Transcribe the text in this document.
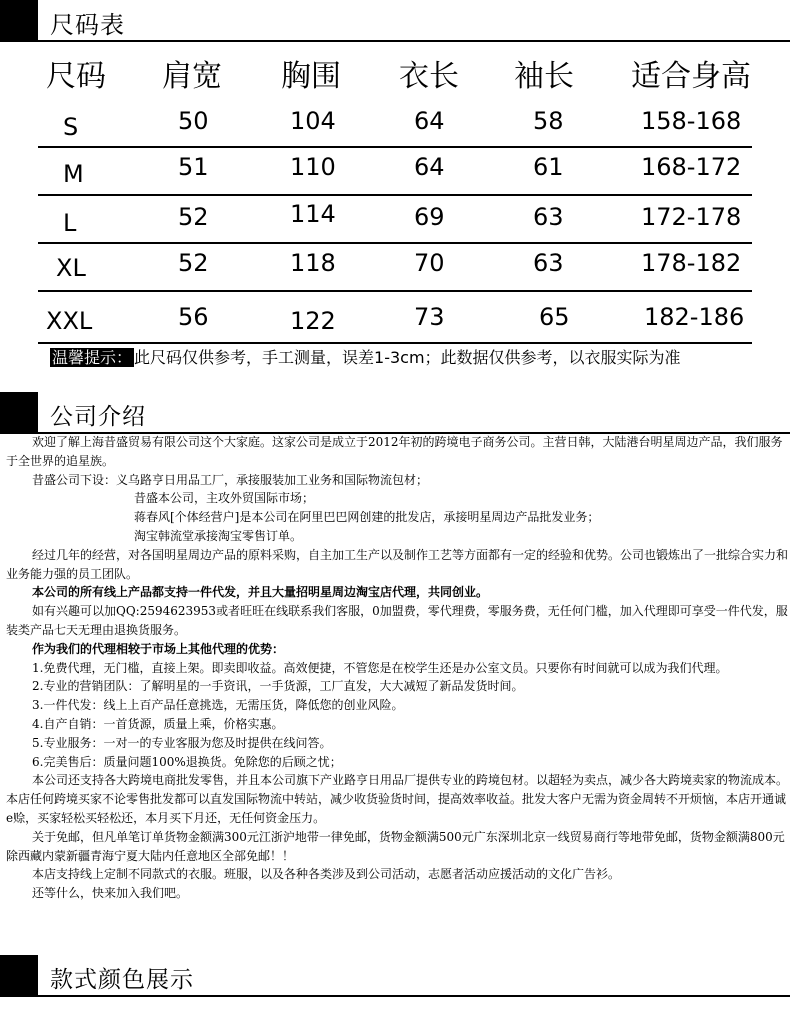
尺码表
尺码 肩宽 胸围 衣长 袖长 适合身高
S	50	104	64	58	158-168
M	51	110	64	61	168-172
L	52	114	69	63	172-178
XL	52	118	70	63	178-182
XXL	56	122	73	65	182-186
温馨提示： 此尺码仅供参考，手工测量，误差1-3cm；此数据仅供参考，以衣服实际为准
公司介绍

欢迎了解上海昔盛贸易有限公司这个大家庭。这家公司是成立于2012年初的跨境电子商务公司。主营日韩，大陆港台明星周边产品，我们服务于全世界的追星族。

昔盛公司下设：义乌路亨日用品工厂，承接服装加工业务和国际物流包材；

昔盛本公司，主攻外贸国际市场；

蒋春风[个体经营户]是本公司在阿里巴巴网创建的批发店，承接明星周边产品批发业务；

淘宝韩流堂承接淘宝零售订单。

经过几年的经营，对各国明星周边产品的原料采购，自主加工生产以及制作工艺等方面都有一定的经验和优势。公司也锻炼出了一批综合实力和业务能力强的员工团队。

本公司的所有线上产品都支持一件代发，并且大量招明星周边淘宝店代理，共同创业。

如有兴趣可以加QQ:2594623953或者旺旺在线联系我们客服，0加盟费，零代理费，零服务费，无任何门槛，加入代理即可享受一件代发，服装类产品七天无理由退换货服务。

作为我们的代理相较于市场上其他代理的优势：

1.免费代理，无门槛，直接上架。即卖即收益。高效便捷，不管您是在校学生还是办公室文员。只要你有时间就可以成为我们代理。

2.专业的营销团队：了解明星的一手资讯，一手货源，工厂直发，大大减短了新品发货时间。

3.一件代发：线上上百产品任意挑选，无需压货，降低您的创业风险。

4.自产自销：一首货源，质量上乘，价格实惠。

5.专业服务：一对一的专业客服为您及时提供在线问答。

6.完美售后：质量问题100%退换货。免除您的后顾之忧；

本公司还支持各大跨境电商批发零售，并且本公司旗下产业路亨日用品厂提供专业的跨境包材。以超轻为卖点，减少各大跨境卖家的物流成本。本店任何跨境买家不论零售批发都可以直发国际物流中转站，减少收货验货时间，提高效率收益。批发大客户无需为资金周转不开烦恼，本店开通诚e赊，买家轻松买轻松还，本月买下月还，无任何资金压力。

关于免邮，但凡单笔订单货物金额满300元江浙沪地带一律免邮，货物金额满500元广东深圳北京一线贸易商行等地带免邮，货物金额满800元除西藏内蒙新疆青海宁夏大陆内任意地区全部免邮！！

本店支持线上定制不同款式的衣服。班服，以及各种各类涉及到公司活动，志愿者活动应援活动的文化广告衫。

还等什么，快来加入我们吧。

款式颜色展示
